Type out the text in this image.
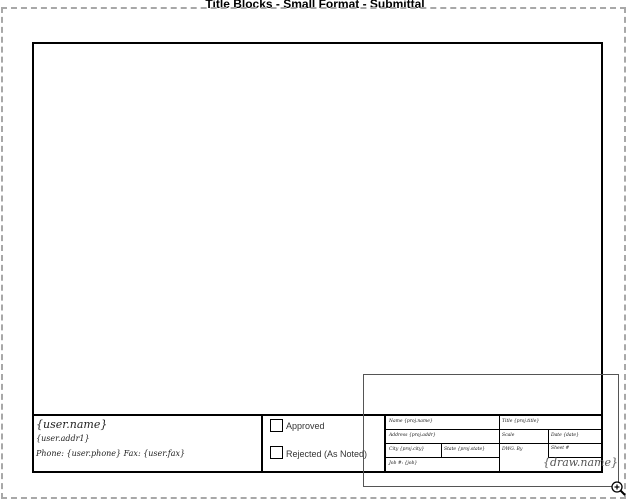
Title Blocks - Small Format - Submittal
{user.name}
{user.addr1}
Phone: {user.phone} Fax: {user.fax}
Approved
Rejected (As Noted)
Name {proj.name}	Title {proj.title}
Address {proj.addr}	Scale	Date {date}
City {proj.city}	State {proj.state}	DWG. By	Sheet #
Job #: {job}	{draw.name}
